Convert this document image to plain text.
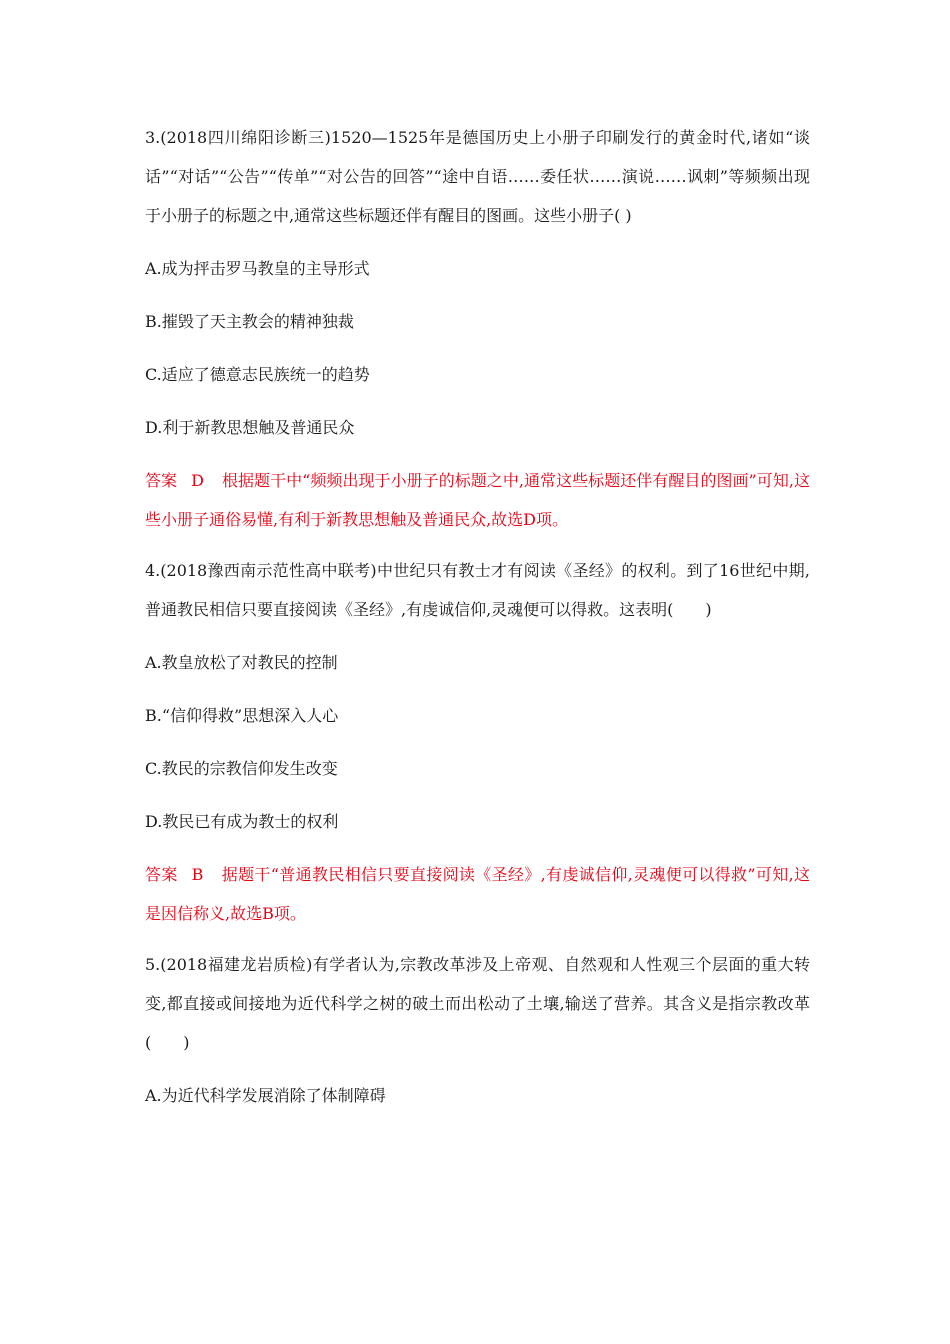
3.(2018四川绵阳诊断三)1520—1525年是德国历史上小册子印刷发行的黄金时代,诸如“谈话”“对话”“公告”“传单”“对公告的回答”“途中自语……委任状……演说……讽刺”等频频出现于小册子的标题之中,通常这些标题还伴有醒目的图画。这些小册子( )

A.成为抨击罗马教皇的主导形式

B.摧毁了天主教会的精神独裁

C.适应了德意志民族统一的趋势

D.利于新教思想触及普通民众

答案 D 根据题干中“频频出现于小册子的标题之中,通常这些标题还伴有醒目的图画”可知,这些小册子通俗易懂,有利于新教思想触及普通民众,故选D项。

4.(2018豫西南示范性高中联考)中世纪只有教士才有阅读《圣经》的权利。到了16世纪中期,普通教民相信只要直接阅读《圣经》,有虔诚信仰,灵魂便可以得救。这表明(　　)

A.教皇放松了对教民的控制

B.“信仰得救”思想深入人心

C.教民的宗教信仰发生改变

D.教民已有成为教士的权利

答案 B 据题干“普通教民相信只要直接阅读《圣经》,有虔诚信仰,灵魂便可以得救”可知,这是因信称义,故选B项。

5.(2018福建龙岩质检)有学者认为,宗教改革涉及上帝观、自然观和人性观三个层面的重大转变,都直接或间接地为近代科学之树的破土而出松动了土壤,输送了营养。其含义是指宗教改革(　　)

A.为近代科学发展消除了体制障碍
